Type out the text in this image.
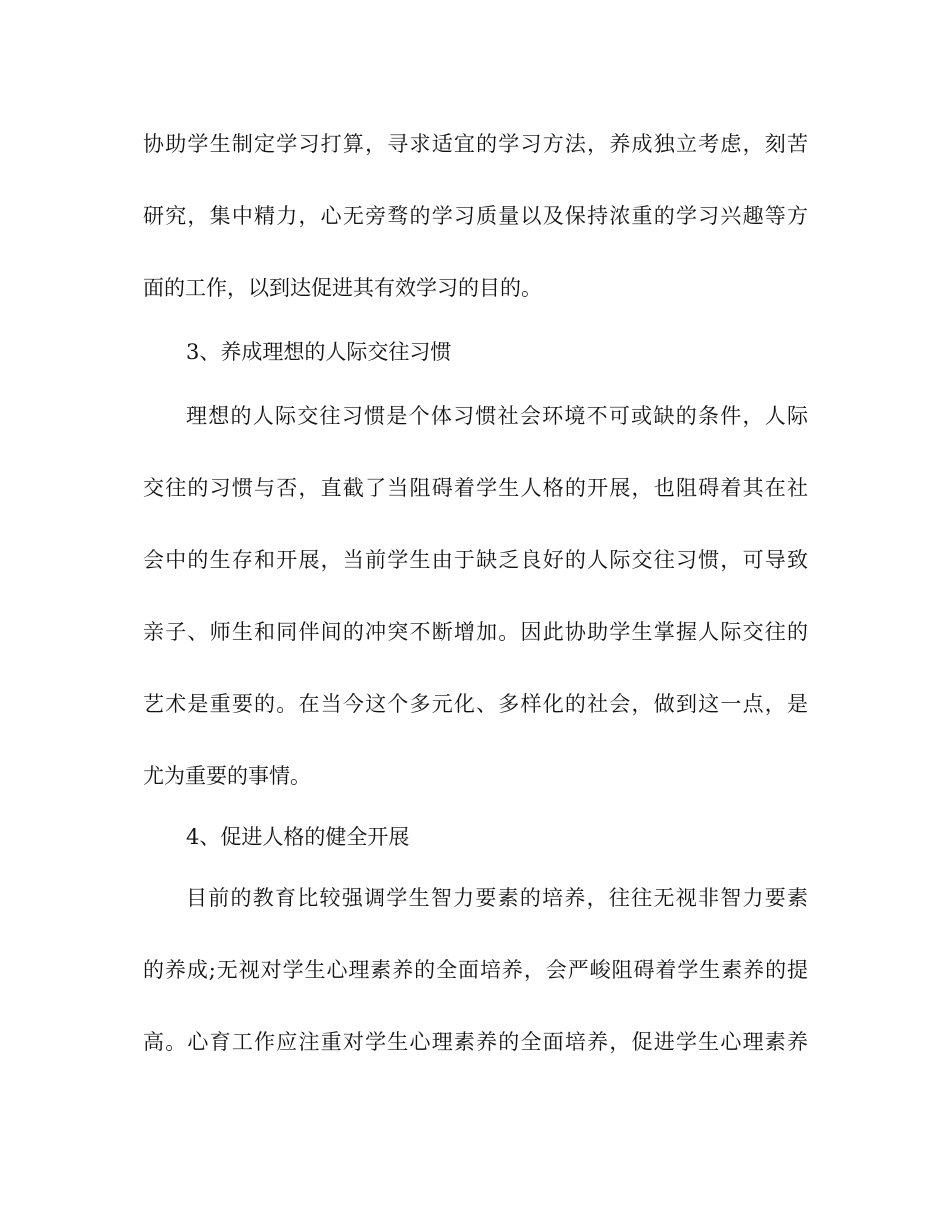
协助学生制定学习打算，寻求适宜的学习方法，养成独立考虑，刻苦
研究，集中精力，心无旁骛的学习质量以及保持浓重的学习兴趣等方
面的工作，以到达促进其有效学习的目的。
3、养成理想的人际交往习惯
理想的人际交往习惯是个体习惯社会环境不可或缺的条件，人际
交往的习惯与否，直截了当阻碍着学生人格的开展，也阻碍着其在社
会中的生存和开展，当前学生由于缺乏良好的人际交往习惯，可导致
亲子、师生和同伴间的冲突不断增加。因此协助学生掌握人际交往的
艺术是重要的。在当今这个多元化、多样化的社会，做到这一点，是
尤为重要的事情。
4、促进人格的健全开展
目前的教育比较强调学生智力要素的培养，往往无视非智力要素
的养成;无视对学生心理素养的全面培养，会严峻阻碍着学生素养的提
高。心育工作应注重对学生心理素养的全面培养，促进学生心理素养
